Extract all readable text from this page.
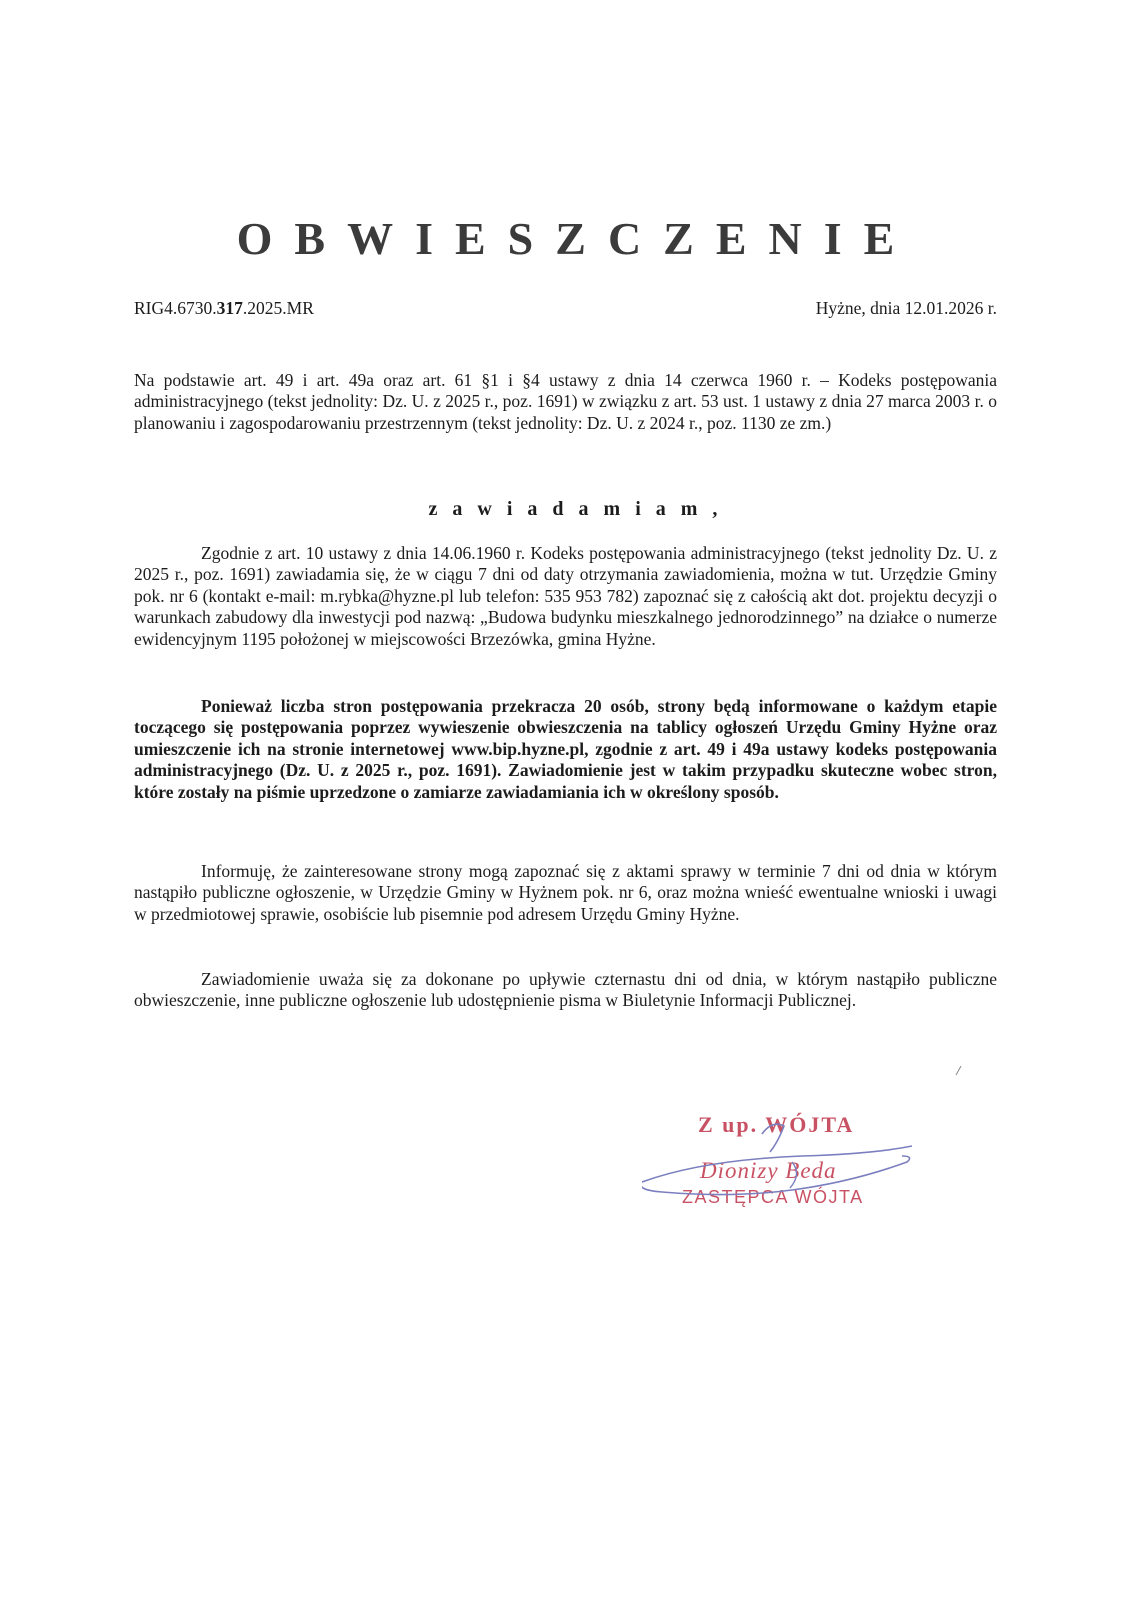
OBWIESZCZENIE
RIG4.6730.317.2025.MR	Hyżne, dnia 12.01.2026 r.

Na podstawie art. 49 i art. 49a oraz art. 61 §1 i §4 ustawy z dnia 14 czerwca 1960 r. – Kodeks postępowania administracyjnego (tekst jednolity: Dz. U. z 2025 r., poz. 1691) w związku z art. 53 ust. 1 ustawy z dnia 27 marca 2003 r. o planowaniu i zagospodarowaniu przestrzennym (tekst jednolity: Dz. U. z 2024 r., poz. 1130 ze zm.)

zawiadamiam,

Zgodnie z art. 10 ustawy z dnia 14.06.1960 r. Kodeks postępowania administracyjnego (tekst jednolity Dz. U. z 2025 r., poz. 1691) zawiadamia się, że w ciągu 7 dni od daty otrzymania zawiadomienia, można w tut. Urzędzie Gminy pok. nr 6 (kontakt e-mail: m.rybka@hyzne.pl lub telefon: 535 953 782) zapoznać się z całością akt dot. projektu decyzji o warunkach zabudowy dla inwestycji pod nazwą: „Budowa budynku mieszkalnego jednorodzinnego” na działce o numerze ewidencyjnym 1195 położonej w miejscowości Brzezówka, gmina Hyżne.

Ponieważ liczba stron postępowania przekracza 20 osób, strony będą informowane o każdym etapie toczącego się postępowania poprzez wywieszenie obwieszczenia na tablicy ogłoszeń Urzędu Gminy Hyżne oraz umieszczenie ich na stronie internetowej www.bip.hyzne.pl, zgodnie z art. 49 i 49a ustawy kodeks postępowania administracyjnego (Dz. U. z 2025 r., poz. 1691). Zawiadomienie jest w takim przypadku skuteczne wobec stron, które zostały na piśmie uprzedzone o zamiarze zawiadamiania ich w określony sposób.

Informuję, że zainteresowane strony mogą zapoznać się z aktami sprawy w terminie 7 dni od dnia w którym nastąpiło publiczne ogłoszenie, w Urzędzie Gminy w Hyżnem pok. nr 6, oraz można wnieść ewentualne wnioski i uwagi w przedmiotowej sprawie, osobiście lub pisemnie pod adresem Urzędu Gminy Hyżne.

Zawiadomienie uważa się za dokonane po upływie czternastu dni od dnia, w którym nastąpiło publiczne obwieszczenie, inne publiczne ogłoszenie lub udostępnienie pisma w Biuletynie Informacji Publicznej.

Z up. WÓJTA
Dionizy Beda
ZASTĘPCA WÓJTA
